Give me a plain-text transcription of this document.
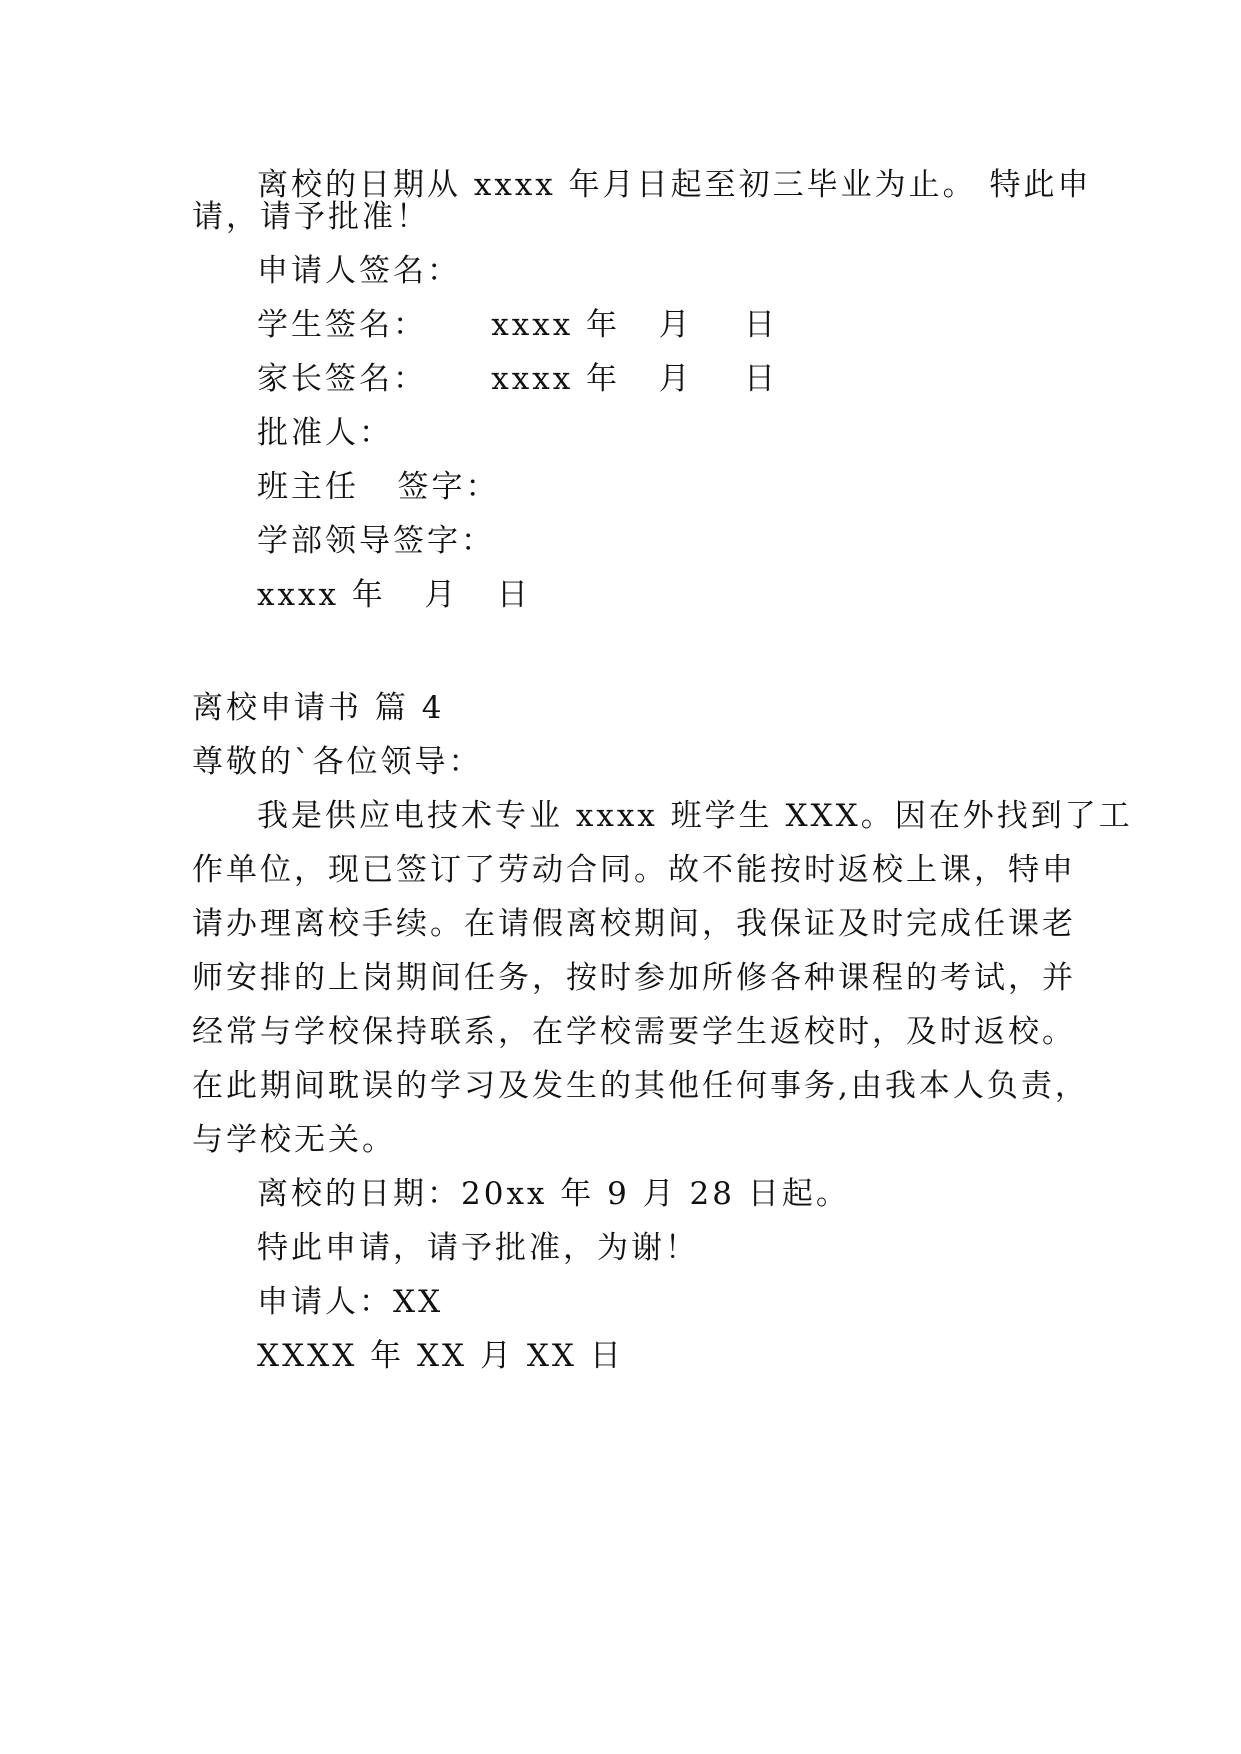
离校的日期从 xxxx 年月日起至初三毕业为止。 特此申
请，请予批准！
申请人签名：
学生签名：     xxxx 年   月    日
家长签名：     xxxx 年   月    日
批准人：
班主任   签字：
学部领导签字：
xxxx 年   月   日
离校申请书 篇 4
尊敬的`各位领导：
我是供应电技术专业 xxxx 班学生 XXX。因在外找到了工
作单位，现已签订了劳动合同。故不能按时返校上课，特申
请办理离校手续。在请假离校期间，我保证及时完成任课老
师安排的上岗期间任务，按时参加所修各种课程的考试，并
经常与学校保持联系，在学校需要学生返校时，及时返校。
在此期间耽误的学习及发生的其他任何事务,由我本人负责，
与学校无关。
离校的日期：20xx 年 9 月 28 日起。
特此申请，请予批准，为谢！
申请人：XX
XXXX 年 XX 月 XX 日
